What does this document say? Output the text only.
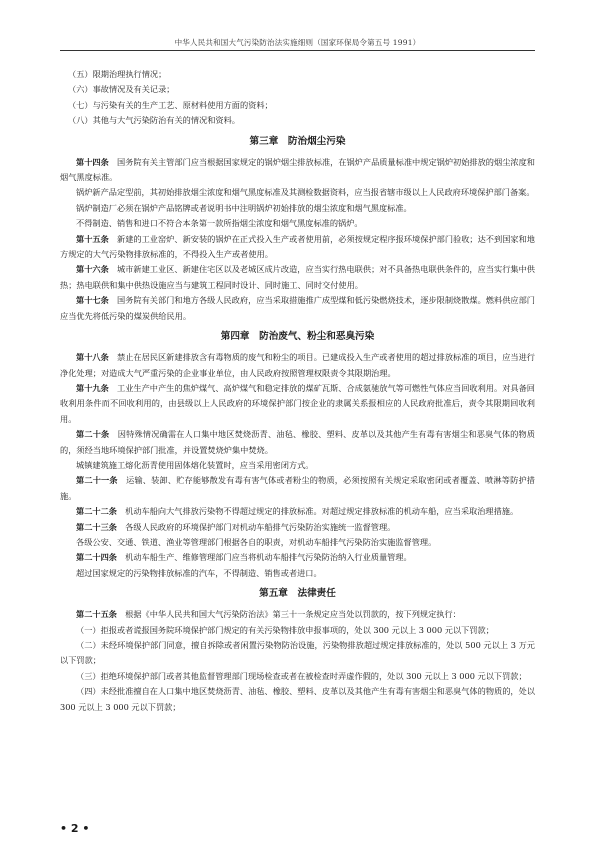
中华人民共和国大气污染防治法实施细则（国家环保局令第五号 1991）

（五）限期治理执行情况；

（六）事故情况及有关记录；

（七）与污染有关的生产工艺、原材料使用方面的资料；

（八）其他与大气污染防治有关的情况和资料。

第三章　防治烟尘污染

第十四条　 国务院有关主管部门应当根据国家规定的锅炉烟尘排放标准，在锅炉产品质量标准中规定锅炉初始排放的烟尘浓度和烟气黑度标准。

锅炉新产品定型前，其初始排放烟尘浓度和烟气黑度标准及其测检数据资料，应当报省辖市级以上人民政府环境保护部门备案。

锅炉制造厂必须在锅炉产品铭牌或者说明书中注明锅炉初始排放的烟尘浓度和烟气黑度标准。

不得制造、销售和进口不符合本条第一款所指烟尘浓度和烟气黑度标准的锅炉。

第十五条　 新建的工业窑炉、新安装的锅炉在正式投入生产或者使用前，必须按规定程序报环境保护部门验收；达不到国家和地方规定的大气污染物排放标准的，不得投入生产或者使用。

第十六条　 城市新建工业区、新建住宅区以及老城区成片改造，应当实行热电联供；对不具备热电联供条件的，应当实行集中供热；热电联供和集中供热设施应当与建筑工程同时设计、同时施工、同时交付使用。

第十七条　 国务院有关部门和地方各级人民政府，应当采取措施推广成型煤和低污染燃烧技术，逐步限制烧散煤。燃料供应部门应当优先将低污染的煤炭供给民用。

第四章　防治废气、粉尘和恶臭污染

第十八条　 禁止在居民区新建排放含有毒物质的废气和粉尘的项目。已建成投入生产或者使用的超过排放标准的项目，应当进行净化处理；对造成大气严重污染的企业事业单位，由人民政府按照管理权限责令其限期治理。

第十九条　 工业生产中产生的焦炉煤气、高炉煤气和稳定排放的煤矿瓦斯、合成氨驰放气等可燃性气体应当回收利用。对具备回收利用条件而不回收利用的，由县级以上人民政府的环境保护部门按企业的隶属关系报相应的人民政府批准后，责令其限期回收利用。

第二十条　 因特殊情况确需在人口集中地区焚烧沥青、油毡、橡胶、塑料、皮革以及其他产生有毒有害烟尘和恶臭气体的物质的，须经当地环境保护部门批准，并设置焚烧炉集中焚烧。

城镇建筑施工熔化沥青使用固体熔化装置时，应当采用密闭方式。

第二十一条　 运输、装卸、贮存能够散发有毒有害气体或者粉尘的物质，必须按照有关规定采取密闭或者覆盖、喷淋等防护措施。

第二十二条　 机动车船向大气排放污染物不得超过规定的排放标准。对超过规定排放标准的机动车船，应当采取治理措施。

第二十三条　 各级人民政府的环境保护部门对机动车船排气污染防治实施统一监督管理。

各级公安、交通、铁道、渔业等管理部门根据各自的职责，对机动车船排气污染防治实施监督管理。

第二十四条　 机动车船生产、维修管理部门应当将机动车船排气污染防治纳入行业质量管理。

超过国家规定的污染物排放标准的汽车，不得制造、销售或者进口。

第五章　法律责任

第二十五条　 根据《中华人民共和国大气污染防治法》第三十一条规定应当处以罚款的，按下列规定执行：

（一）拒报或者谎报国务院环境保护部门规定的有关污染物排放申报事项的，处以 300 元以上 3 000 元以下罚款；

（二）未经环境保护部门同意，擅自拆除或者闲置污染物防治设施，污染物排放超过规定排放标准的，处以 500 元以上 3 万元以下罚款；

（三）拒绝环境保护部门或者其他监督管理部门现场检查或者在被检查时弄虚作假的，处以 300 元以上 3 000 元以下罚款；

（四）未经批准擅自在人口集中地区焚烧沥青、油毡、橡胶、塑料、皮革以及其他产生有毒有害烟尘和恶臭气体的物质的，处以 300 元以上 3 000 元以下罚款；

• 2 •
